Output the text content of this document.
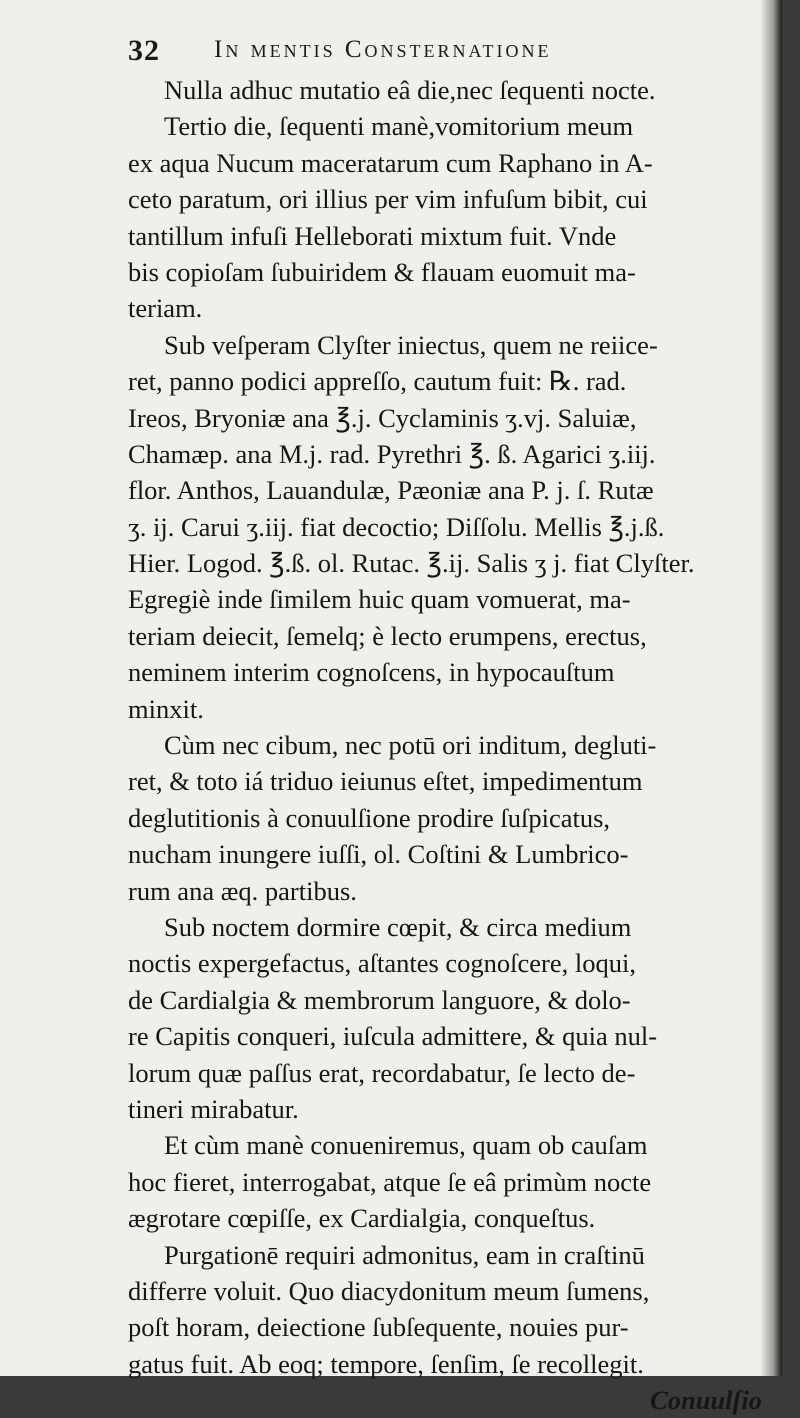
32 In mentis Consternatione
Nulla adhuc mutatio eâ die,nec ſequenti nocte.
Tertio die, ſequenti manè,vomitorium meum
ex aqua Nucum maceratarum cum Raphano in A-
ceto paratum, ori illius per vim infuſum bibit, cui
tantillum infuſi Helleborati mixtum fuit. Vnde
bis copioſam ſubuiridem & flauam euomuit ma-
teriam.
Sub veſperam Clyſter iniectus, quem ne reiice-
ret, panno podici appreſſo, cautum fuit: ℞. rad.
Ireos, Bryoniæ ana ℥.j. Cyclaminis ʒ.vj. Saluiæ,
Chamæp. ana M.j. rad. Pyrethri ℥. ß. Agarici ʒ.iij.
flor. Anthos, Lauandulæ, Pæoniæ ana P. j. ſ. Rutæ
ʒ. ij. Carui ʒ.iij. fiat decoctio; Diſſolu. Mellis ℥.j.ß.
Hier. Logod. ℥.ß. ol. Rutac. ℥.ij. Salis ʒ j. fiat Clyſter.
Egregiè inde ſimilem huic quam vomuerat, ma-
teriam deiecit, ſemelq; è lecto erumpens, erectus,
neminem interim cognoſcens, in hypocauſtum
minxit.
Cùm nec cibum, nec potū ori inditum, degluti-
ret, & toto iá triduo ieiunus eſtet, impedimentum
deglutitionis à conuulſione prodire ſuſpicatus,
nucham inungere iuſſi, ol. Coſtini & Lumbrico-
rum ana æq. partibus.
Sub noctem dormire cœpit, & circa medium
noctis expergefactus, aſtantes cognoſcere, loqui,
de Cardialgia & membrorum languore, & dolo-
re Capitis conqueri, iuſcula admittere, & quia nul-
lorum quæ paſſus erat, recordabatur, ſe lecto de-
tineri mirabatur.
Et cùm manè conueniremus, quam ob cauſam
hoc fieret, interrogabat, atque ſe eâ primùm nocte
ægrotare cœpiſſe, ex Cardialgia, conqueſtus.
Purgationē requiri admonitus, eam in craſtinū
differre voluit. Quo diacydonitum meum ſumens,
poſt horam, deiectione ſubſequente, nouies pur-
gatus fuit. Ab eoq; tempore, ſenſim, ſe recollegit.
Conuulſio
